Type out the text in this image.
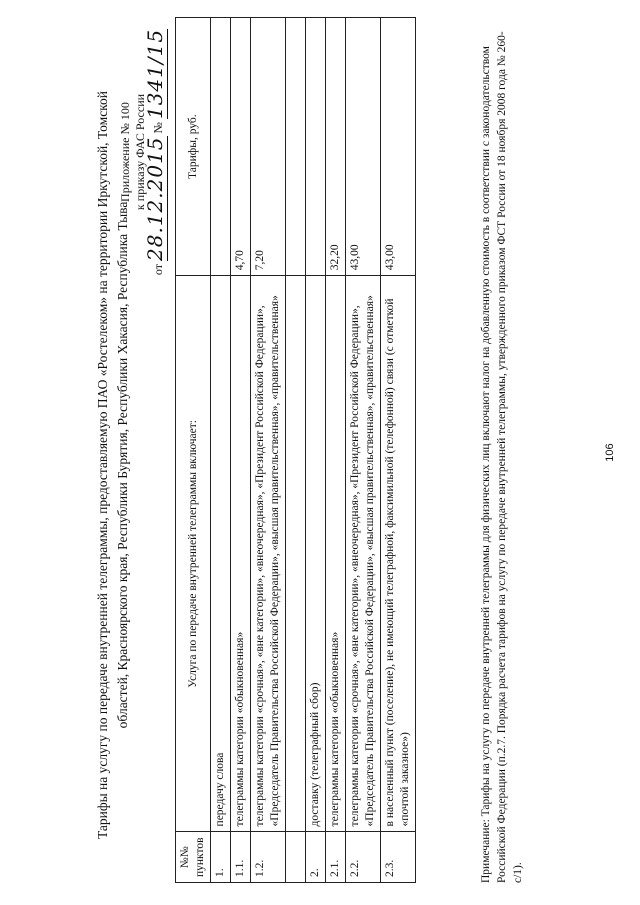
Приложение № 100 к приказу ФАС России
от 28.12.2015 № 1341/15
Тарифы на услугу по передаче внутренней телеграммы, предоставляемую ПАО «Ростелеком» на территории Иркутской, Томской областей, Красноярского края, Республики Бурятия, Республики Хакасия, Республика Тыва
№№ пунктов	Услуга по передаче внутренней телеграммы включает:	Тарифы, руб.
1.	передачу слова	
1.1.	телеграммы категории «обыкновенная»	4,70
1.2.	телеграммы категории «срочная», «вне категории», «внеочередная», «Президент Российской Федерации», «Председатель Правительства Российской Федерации», «высшая правительственная», «правительственная»	7,20

2.	доставку (телеграфный сбор)	
2.1.	телеграммы категории «обыкновенная»	32,20
2.2.	телеграммы категории «срочная», «вне категории», «внеочередная», «Президент Российской Федерации», «Председатель Правительства Российской Федерации», «высшая правительственная», «правительственная»	43,00
2.3.	в населенный пункт (поселение), не имеющий телеграфной, факсимильной (телефонной) связи (с отметкой «почтой заказное»)	43,00	Примечание: Тарифы на услугу по передаче внутренней телеграммы для физических лиц включают налог на добавленную стоимость в соответствии с законодательством Российской Федерации (п.2.7. Порядка расчета тарифов на услугу по передаче внутренней телеграммы, утвержденного приказом ФСТ России от 18 ноября 2008 года № 260-с/1).
106
